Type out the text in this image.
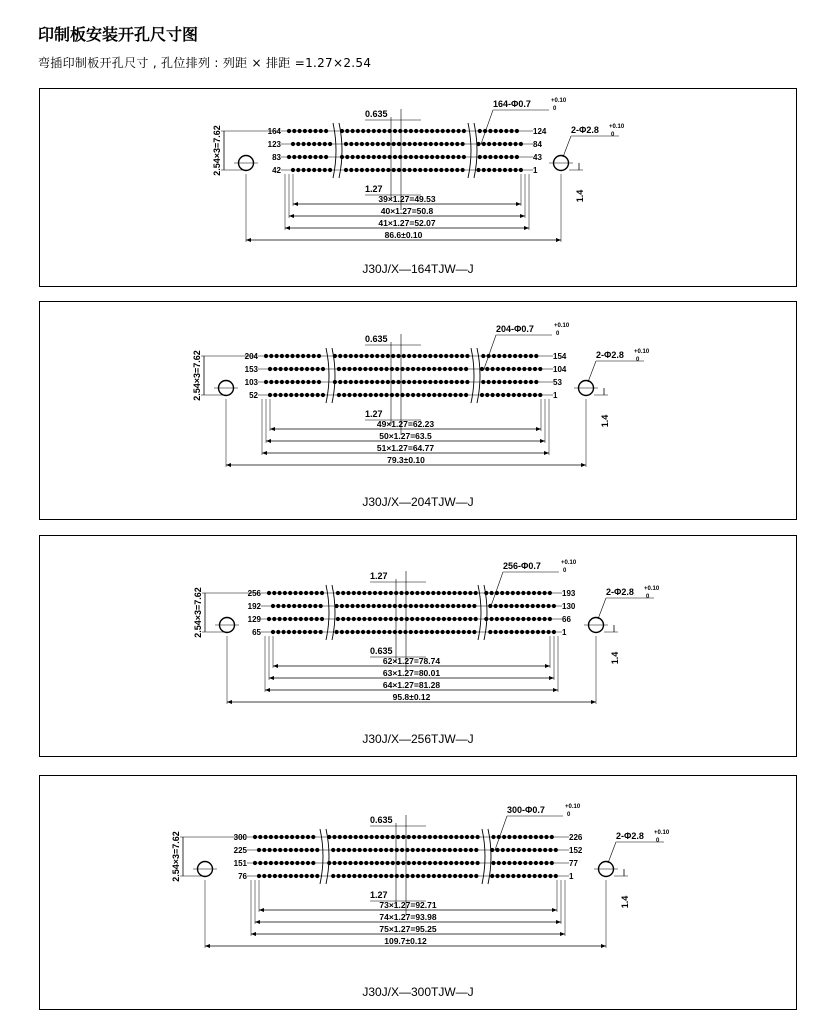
印制板安装开孔尺寸图
弯插印制板开孔尺寸 , 孔位排列 : 列距 × 排距 =1.27×2.54
164
123
83
42
124
84
43
1
0.635
1.27
2.54×3=7.62
1.4
164-Φ0.7	+0.10
0
2-Φ2.8 +0.10
0
39×1.27=49.53
40×1.27=50.8
41×1.27=52.07
86.6±0.10
J30J/X—164TJW—J
204
153
103
52
154
104
53
1
0.635
1.27
2.54×3=7.62
1.4
204-Φ0.7	+0.10
0
2-Φ2.8 +0.10
0
49×1.27=62.23
50×1.27=63.5
51×1.27=64.77
79.3±0.10
J30J/X—204TJW—J
256
192
129
65
193
130
66
1
1.27
0.635
2.54×3=7.62
1.4
256-Φ0.7	+0.10
0
2-Φ2.8 +0.10
0
62×1.27=78.74
63×1.27=80.01
64×1.27=81.28
95.8±0.12
J30J/X—256TJW—J
300
225
151
76
226
152
77
1
0.635
1.27
2.54×3=7.62
1.4
300-Φ0.7	+0.10
0
2-Φ2.8 +0.10
0
73×1.27=92.71
74×1.27=93.98
75×1.27=95.25
109.7±0.12
J30J/X—300TJW—J
